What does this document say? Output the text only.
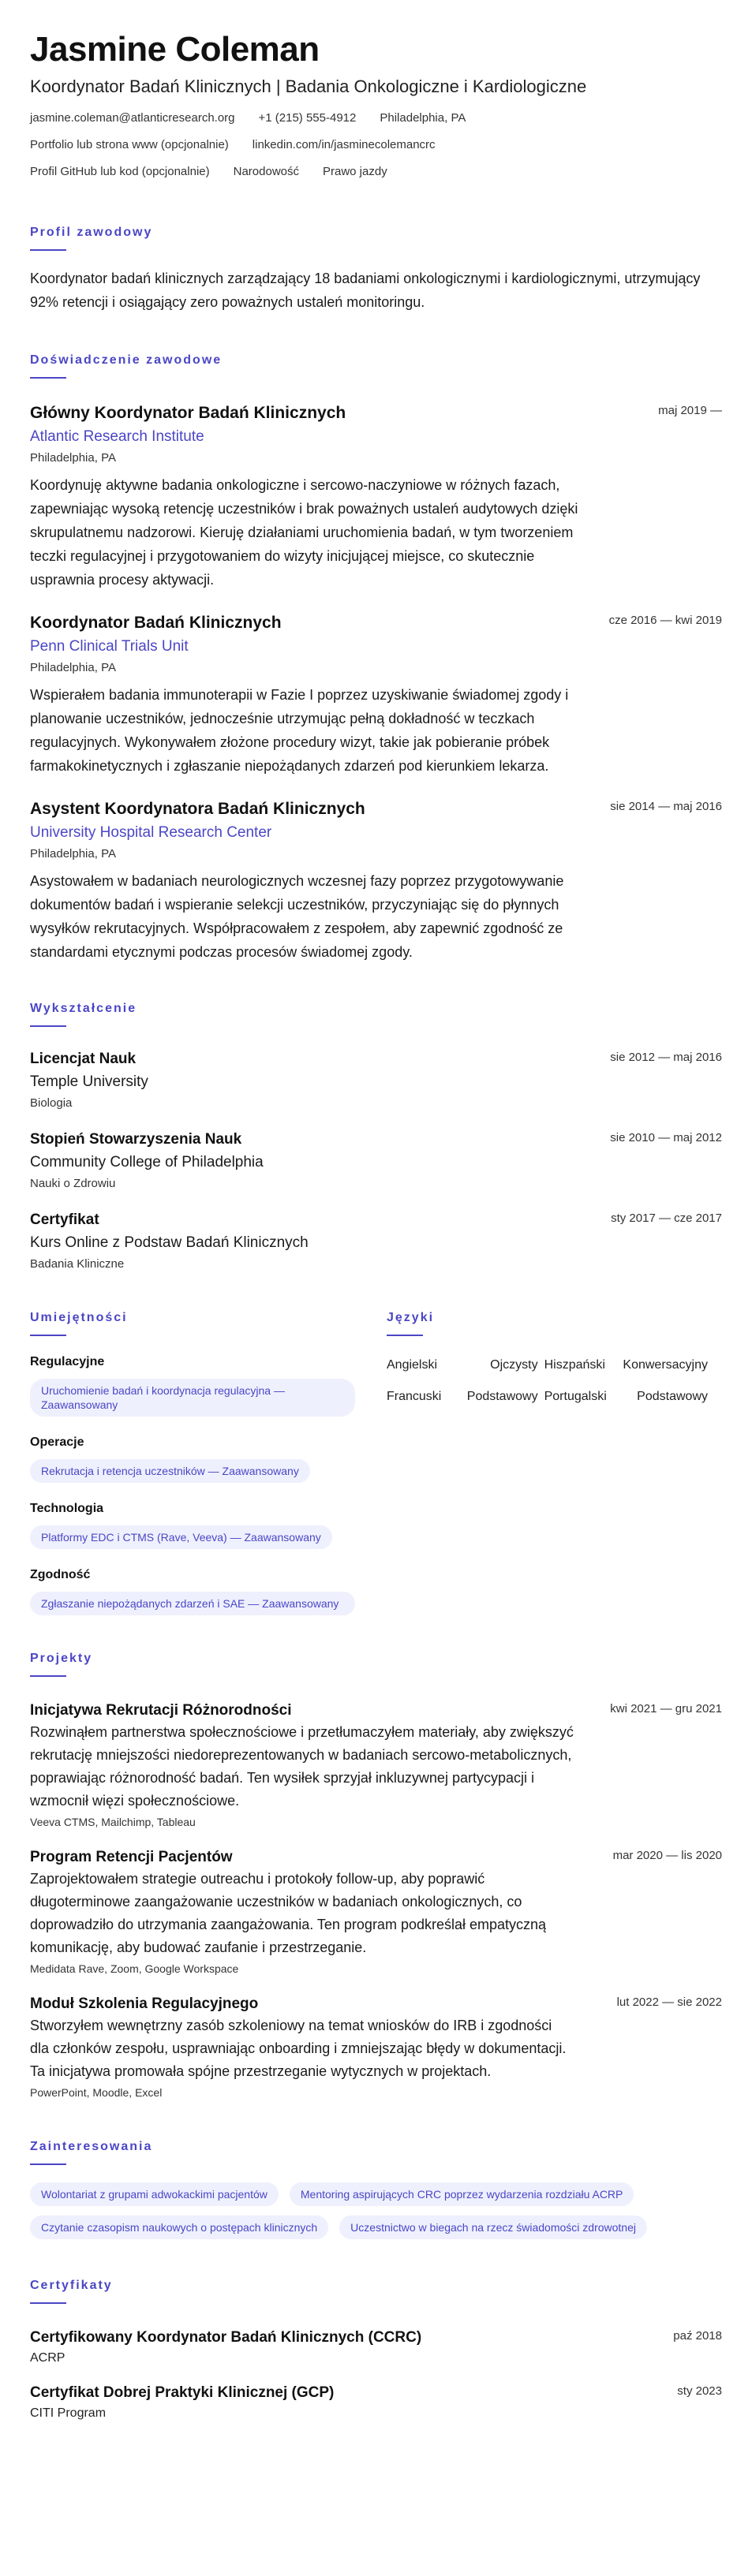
Jasmine Coleman
Koordynator Badań Klinicznych | Badania Onkologiczne i Kardiologiczne
jasmine.coleman@atlanticresearch.org +1 (215) 555-4912 Philadelphia, PA
Portfolio lub strona www (opcjonalnie) linkedin.com/in/jasminecolemancrc
Profil GitHub lub kod (opcjonalnie) Narodowość Prawo jazdy
Profil zawodowy
Koordynator badań klinicznych zarządzający 18 badaniami onkologicznymi i kardiologicznymi, utrzymujący 92% retencji i osiągający zero poważnych ustaleń monitoringu.
Doświadczenie zawodowe
maj 2019 —
Główny Koordynator Badań Klinicznych
Atlantic Research Institute
Philadelphia, PA
Koordynuję aktywne badania onkologiczne i sercowo-naczyniowe w różnych fazach, zapewniając wysoką retencję uczestników i brak poważnych ustaleń audytowych dzięki skrupulatnemu nadzorowi. Kieruję działaniami uruchomienia badań, w tym tworzeniem teczki regulacyjnej i przygotowaniem do wizyty inicjującej miejsce, co skutecznie usprawnia procesy aktywacji.
cze 2016 — kwi 2019
Koordynator Badań Klinicznych
Penn Clinical Trials Unit
Philadelphia, PA
Wspierałem badania immunoterapii w Fazie I poprzez uzyskiwanie świadomej zgody i planowanie uczestników, jednocześnie utrzymując pełną dokładność w teczkach regulacyjnych. Wykonywałem złożone procedury wizyt, takie jak pobieranie próbek farmakokinetycznych i zgłaszanie niepożądanych zdarzeń pod kierunkiem lekarza.
sie 2014 — maj 2016
Asystent Koordynatora Badań Klinicznych
University Hospital Research Center
Philadelphia, PA
Asystowałem w badaniach neurologicznych wczesnej fazy poprzez przygotowywanie dokumentów badań i wspieranie selekcji uczestników, przyczyniając się do płynnych wysyłków rekrutacyjnych. Współpracowałem z zespołem, aby zapewnić zgodność ze standardami etycznymi podczas procesów świadomej zgody.
Wykształcenie
sie 2012 — maj 2016
Licencjat Nauk
Temple University
Biologia
sie 2010 — maj 2012
Stopień Stowarzyszenia Nauk
Community College of Philadelphia
Nauki o Zdrowiu
sty 2017 — cze 2017
Certyfikat
Kurs Online z Podstaw Badań Klinicznych
Badania Kliniczne
Umiejętności
Regulacyjne
Uruchomienie badań i koordynacja regulacyjna — Zaawansowany
Operacje
Rekrutacja i retencja uczestników — Zaawansowany
Technologia
Platformy EDC i CTMS (Rave, Veeva) — Zaawansowany
Zgodność
Zgłaszanie niepożądanych zdarzeń i SAE — Zaawansowany
Języki
Angielski	Ojczysty Hiszpański	Konwersacyjny
Francuski	Podstawowy Portugalski	Podstawowy
Projekty
kwi 2021 — gru 2021
Inicjatywa Rekrutacji Różnorodności
Rozwinąłem partnerstwa społecznościowe i przetłumaczyłem materiały, aby zwiększyć rekrutację mniejszości niedoreprezentowanych w badaniach sercowo-metabolicznych, poprawiając różnorodność badań. Ten wysiłek sprzyjał inkluzywnej partycypacji i wzmocnił więzi społecznościowe.
Veeva CTMS, Mailchimp, Tableau
mar 2020 — lis 2020
Program Retencji Pacjentów
Zaprojektowałem strategie outreachu i protokoły follow-up, aby poprawić długoterminowe zaangażowanie uczestników w badaniach onkologicznych, co doprowadziło do utrzymania zaangażowania. Ten program podkreślał empatyczną komunikację, aby budować zaufanie i przestrzeganie.
Medidata Rave, Zoom, Google Workspace
lut 2022 — sie 2022
Moduł Szkolenia Regulacyjnego
Stworzyłem wewnętrzny zasób szkoleniowy na temat wniosków do IRB i zgodności dla członków zespołu, usprawniając onboarding i zmniejszając błędy w dokumentacji. Ta inicjatywa promowała spójne przestrzeganie wytycznych w projektach.
PowerPoint, Moodle, Excel
Zainteresowania
Wolontariat z grupami adwokackimi pacjentów	Mentoring aspirujących CRC poprzez wydarzenia rozdziału ACRP
Czytanie czasopism naukowych o postępach klinicznych	Uczestnictwo w biegach na rzecz świadomości zdrowotnej
Certyfikaty
paź 2018
Certyfikowany Koordynator Badań Klinicznych (CCRC)
ACRP
sty 2023
Certyfikat Dobrej Praktyki Klinicznej (GCP)
CITI Program
